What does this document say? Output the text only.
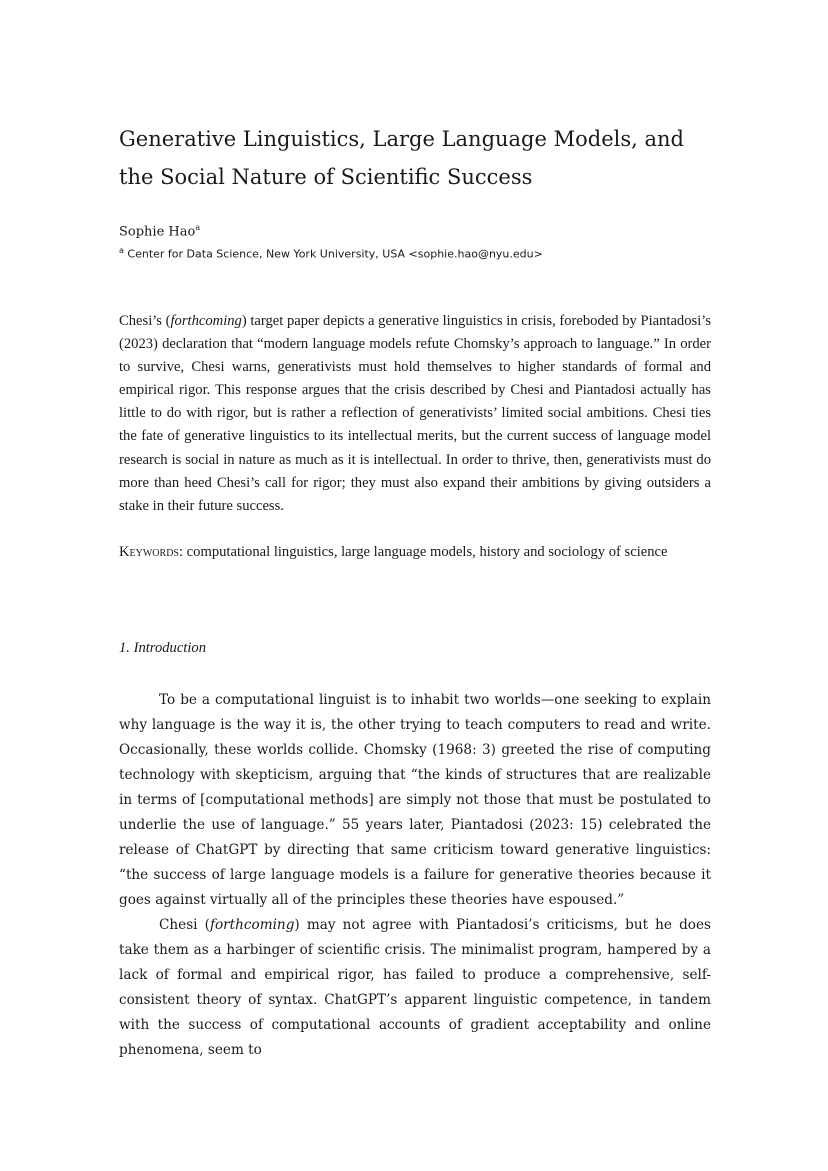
Generative Linguistics, Large Language Models, and the Social Nature of Scientific Success

Sophie Hao$^a$

$^a$ Center for Data Science, New York University, USA <sophie.hao@nyu.edu>

Chesi’s (forthcoming) target paper depicts a generative linguistics in crisis, foreboded by Piantadosi’s (2023) declaration that “modern language models refute Chomsky’s approach to language.” In order to survive, Chesi warns, generativists must hold themselves to higher standards of formal and empirical rigor. This response argues that the crisis described by Chesi and Piantadosi actually has little to do with rigor, but is rather a reflection of generativists’ limited social ambitions. Chesi ties the fate of generative linguistics to its intellectual merits, but the current success of language model research is social in nature as much as it is intellectual. In order to thrive, then, generativists must do more than heed Chesi’s call for rigor; they must also expand their ambitions by giving outsiders a stake in their future success.

Keywords: computational linguistics, large language models, history and sociology of science

1. Introduction

To be a computational linguist is to inhabit two worlds—one seeking to explain why language is the way it is, the other trying to teach computers to read and write. Occasionally, these worlds collide. Chomsky (1968: 3) greeted the rise of computing technology with skepticism, arguing that “the kinds of structures that are realizable in terms of [computational methods] are simply not those that must be postulated to underlie the use of language.” 55 years later, Piantadosi (2023: 15) celebrated the release of ChatGPT by directing that same criticism toward generative linguistics: “the success of large language models is a failure for generative theories because it goes against virtually all of the principles these theories have espoused.”

Chesi (forthcoming) may not agree with Piantadosi’s criticisms, but he does take them as a harbinger of scientific crisis. The minimalist program, hampered by a lack of formal and empirical rigor, has failed to produce a comprehensive, self-consistent theory of syntax. ChatGPT’s apparent linguistic competence, in tandem with the success of computational accounts of gradient acceptability and online phenomena, seem to
